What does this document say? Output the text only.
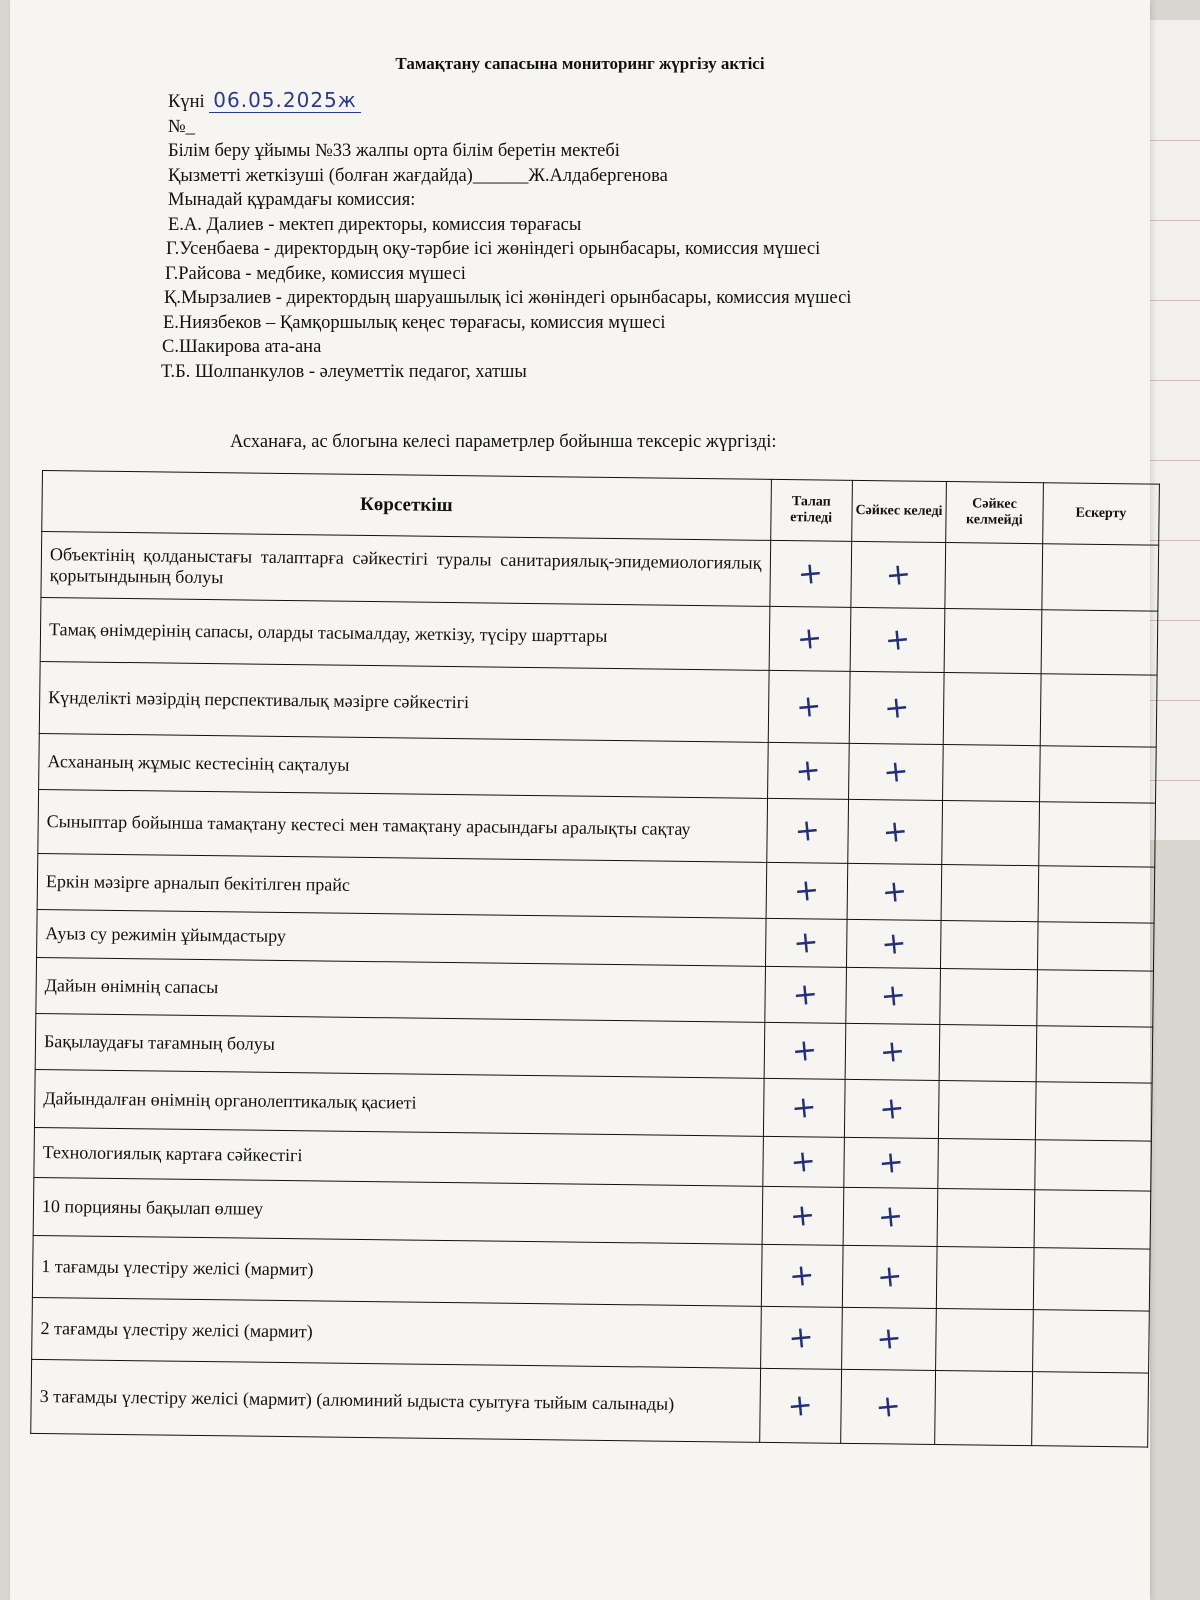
Тамақтану сапасына мониторинг жүргізу актісі
Күні 06.05.2025ж
№_
Білім беру ұйымы №33 жалпы орта білім беретін мектебі
Қызметті жеткізуші (болған жағдайда)______Ж.Алдабергенова
Мынадай құрамдағы комиссия:
Е.А. Далиев - мектеп директоры, комиссия төрағасы
Г.Усенбаева - директордың оқу-тәрбие ісі жөніндегі орынбасары, комиссия мүшесі
Г.Райсова - медбике, комиссия мүшесі
Қ.Мырзалиев - директордың шаруашылық ісі жөніндегі орынбасары, комиссия мүшесі
Е.Ниязбеков – Қамқоршылық кеңес төрағасы, комиссия мүшесі
С.Шакирова ата-ана
Т.Б. Шолпанкулов - әлеуметтік педагог, хатшы
Асханаға, ас блогына келесі параметрлер бойынша тексеріс жүргізді:
Көрсеткіш	Талап етіледі	Сәйкес келеді	Сәйкес келмейді	Ескерту
Объектінің қолданыстағы талаптарға сәйкестігі туралы санитариялық-эпидемиологиялық қорытындының болуы	+	+		
Тамақ өнімдерінің сапасы, оларды тасымалдау, жеткізу, түсіру шарттары	+	+		
Күнделікті мәзірдің перспективалық мәзірге сәйкестігі	+	+		
Асхананың жұмыс кестесінің сақталуы	+	+		
Сыныптар бойынша тамақтану кестесі мен тамақтану арасындағы аралықты сақтау	+	+		
Еркін мәзірге арналып бекітілген прайс	+	+		
Ауыз су режимін ұйымдастыру	+	+		
Дайын өнімнің сапасы	+	+		
Бақылаудағы тағамның болуы	+	+		
Дайындалған өнімнің органолептикалық қасиеті	+	+		
Технологиялық картаға сәйкестігі	+	+		
10 порцияны бақылап өлшеу	+	+		
1 тағамды үлестіру желісі (мармит)	+	+		
2 тағамды үлестіру желісі (мармит)	+	+		
3 тағамды үлестіру желісі (мармит) (алюминий ыдыста суытуға тыйым салынады)	+	+		
